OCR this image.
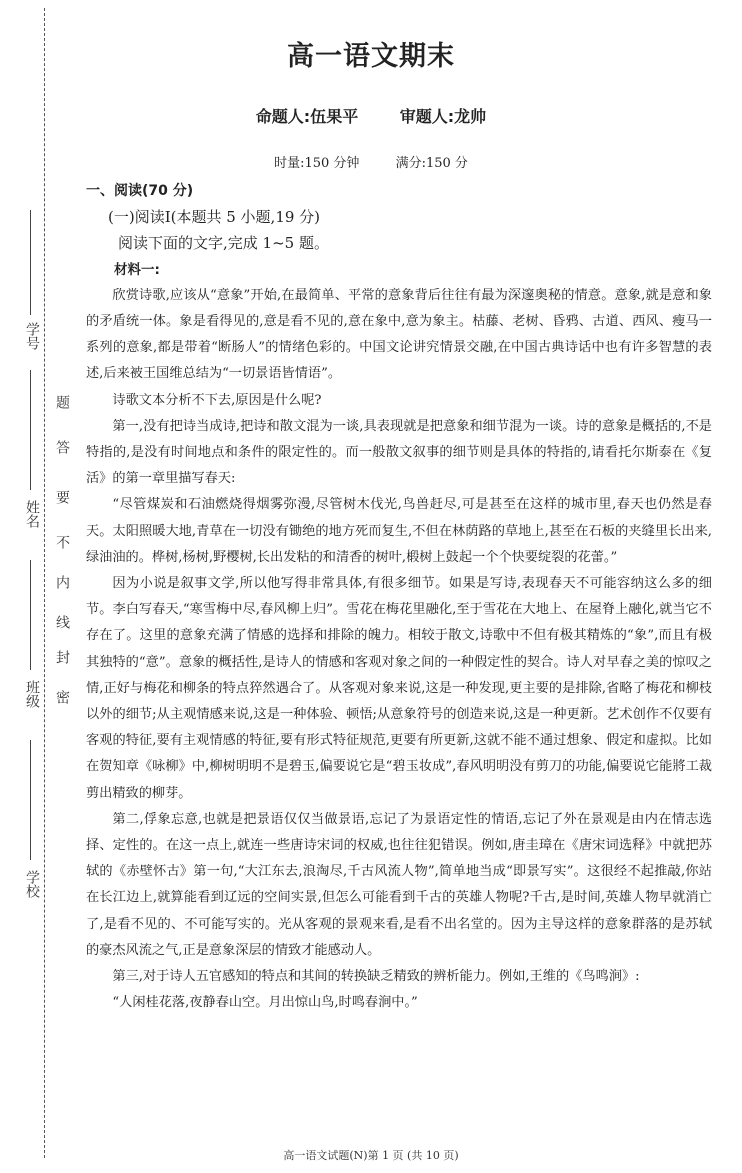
学号
姓名
班级
学校
题
答
要
不
内
线
封
密
高一语文期末
命题人:伍果平	审题人:龙帅
时量:150 分钟	满分:150 分
一、阅读(70 分)
(一)阅读Ⅰ(本题共 5 小题,19 分)
阅读下面的文字,完成 1~5 题。
材料一:

欣赏诗歌,应该从“意象”开始,在最简单、平常的意象背后往往有最为深邃奥秘的情意。意象,就是意和象的矛盾统一体。象是看得见的,意是看不见的,意在象中,意为象主。枯藤、老树、昏鸦、古道、西风、瘦马一系列的意象,都是带着“断肠人”的情绪色彩的。中国文论讲究情景交融,在中国古典诗话中也有许多智慧的表述,后来被王国维总结为“一切景语皆情语”。

诗歌文本分析不下去,原因是什么呢?

第一,没有把诗当成诗,把诗和散文混为一谈,具表现就是把意象和细节混为一谈。诗的意象是概括的,不是特指的,是没有时间地点和条件的限定性的。而一般散文叙事的细节则是具体的特指的,请看托尔斯泰在《复活》的第一章里描写春天:

“尽管煤炭和石油燃烧得烟雾弥漫,尽管树木伐光,鸟兽赶尽,可是甚至在这样的城市里,春天也仍然是春天。太阳照暖大地,青草在一切没有锄绝的地方死而复生,不但在林荫路的草地上,甚至在石板的夹缝里长出来,绿油油的。桦树,杨树,野樱树,长出发粘的和清香的树叶,椴树上鼓起一个个快要绽裂的花蕾。”

因为小说是叙事文学,所以他写得非常具体,有很多细节。如果是写诗,表现春天不可能容纳这么多的细节。李白写春天,“寒雪梅中尽,春风柳上归”。雪花在梅花里融化,至于雪花在大地上、在屋脊上融化,就当它不存在了。这里的意象充满了情感的选择和排除的魄力。相较于散文,诗歌中不但有极其精炼的“象”,而且有极其独特的“意”。意象的概括性,是诗人的情感和客观对象之间的一种假定性的契合。诗人对早春之美的惊叹之情,正好与梅花和柳条的特点猝然遇合了。从客观对象来说,这是一种发现,更主要的是排除,省略了梅花和柳枝以外的细节;从主观情感来说,这是一种体验、顿悟;从意象符号的创造来说,这是一种更新。艺术创作不仅要有客观的特征,要有主观情感的特征,要有形式特征规范,更要有所更新,这就不能不通过想象、假定和虚拟。比如在贺知章《咏柳》中,柳树明明不是碧玉,偏要说它是“碧玉妆成”,春风明明没有剪刀的功能,偏要说它能將工裁剪出精致的柳芽。

第二,俘象忘意,也就是把景语仅仅当做景语,忘记了为景语定性的情语,忘记了外在景观是由内在情志选择、定性的。在这一点上,就连一些唐诗宋词的权威,也往往犯错误。例如,唐圭璋在《唐宋词选释》中就把苏轼的《赤壁怀古》第一句,“大江东去,浪淘尽,千古风流人物”,简单地当成“即景写实”。这很经不起推敲,你站在长江边上,就算能看到辽远的空间实景,但怎么可能看到千古的英雄人物呢?千古,是时间,英雄人物早就消亡了,是看不见的、不可能写实的。光从客观的景观来看,是看不出名堂的。因为主导这样的意象群落的是苏轼的豪杰风流之气,正是意象深层的情致才能感动人。

第三,对于诗人五官感知的特点和其间的转换缺乏精致的辨析能力。例如,王维的《鸟鸣涧》:

“人闲桂花落,夜静春山空。月出惊山鸟,时鸣春涧中。”

高一语文试题(N)第 1 页 (共 10 页)
